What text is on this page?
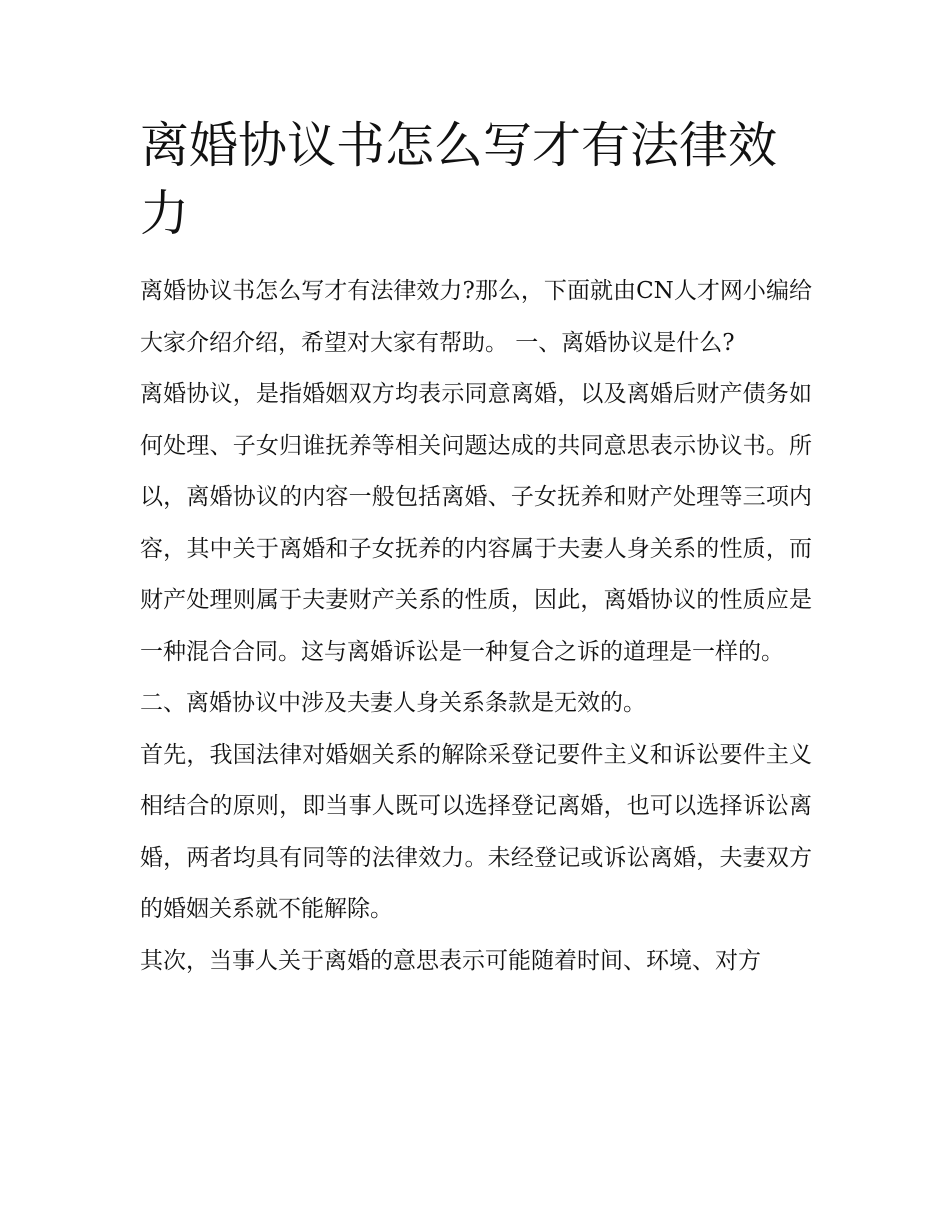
离婚协议书怎么写才有法律效力

离婚协议书怎么写才有法律效力?那么，下面就由CN人才网小编给大家介绍介绍，希望对大家有帮助。 一、离婚协议是什么?

离婚协议，是指婚姻双方均表示同意离婚，以及离婚后财产债务如何处理、子女归谁抚养等相关问题达成的共同意思表示协议书。所以，离婚协议的内容一般包括离婚、子女抚养和财产处理等三项内容，其中关于离婚和子女抚养的内容属于夫妻人身关系的性质，而财产处理则属于夫妻财产关系的性质，因此，离婚协议的性质应是一种混合合同。这与离婚诉讼是一种复合之诉的道理是一样的。

二、离婚协议中涉及夫妻人身关系条款是无效的。

首先，我国法律对婚姻关系的解除采登记要件主义和诉讼要件主义相结合的原则，即当事人既可以选择登记离婚，也可以选择诉讼离婚，两者均具有同等的法律效力。未经登记或诉讼离婚，夫妻双方的婚姻关系就不能解除。

其次，当事人关于离婚的意思表示可能随着时间、环境、对方
